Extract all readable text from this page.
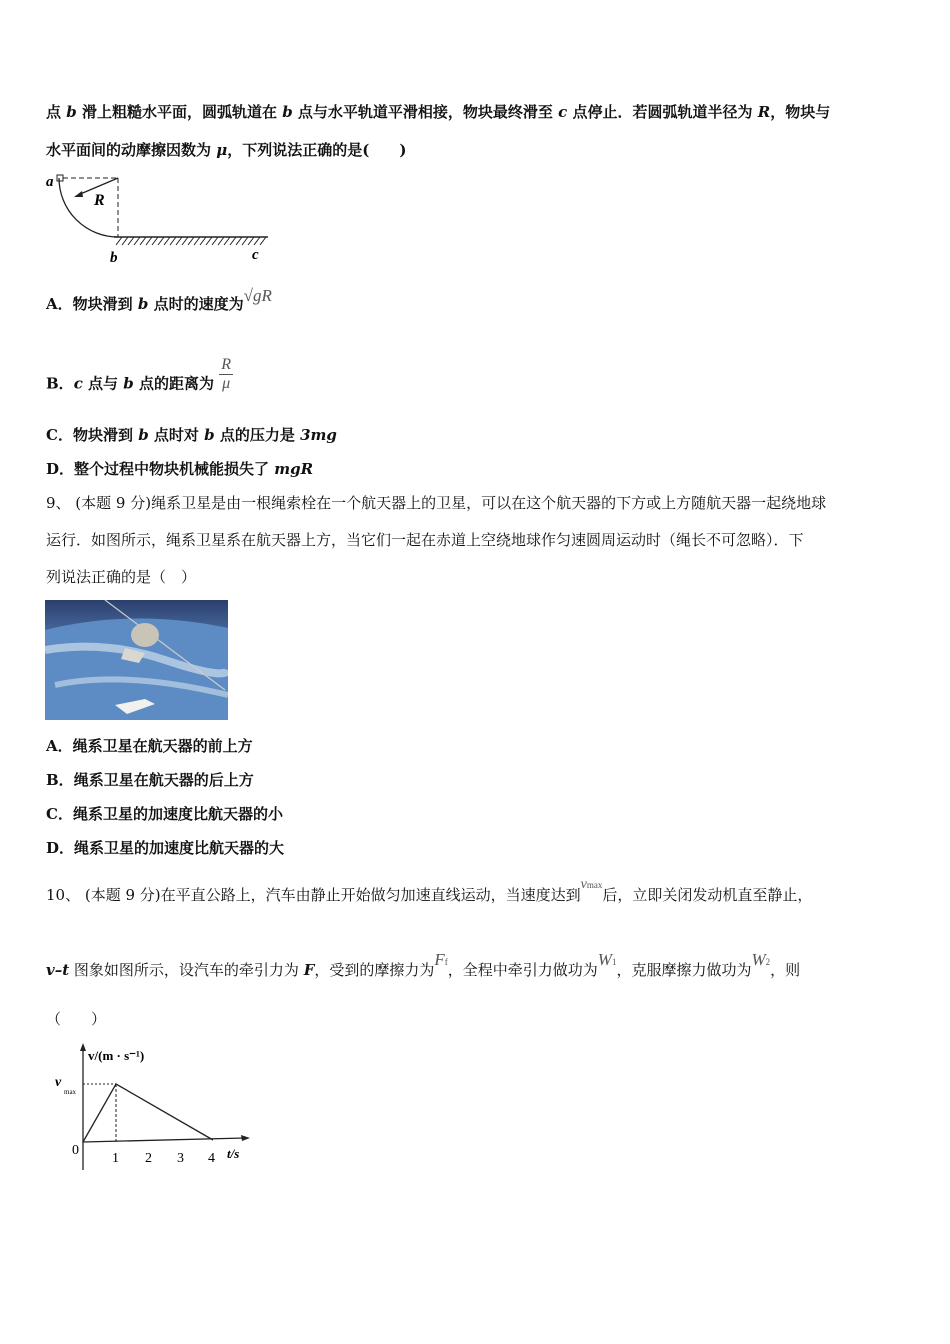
点 b 滑上粗糙水平面，圆弧轨道在 b 点与水平轨道平滑相接，物块最终滑至 c 点停止．若圆弧轨道半径为 R，物块与
水平面间的动摩擦因数为 μ，下列说法正确的是(　　)
a
R
b	c
A．物块滑到 b 点时的速度为√gR
B．c 点与 b 点的距离为 $\frac{R}{\mu}$
C．物块滑到 b 点时对 b 点的压力是 3mg
D．整个过程中物块机械能损失了 mgR
9、 (本题 9 分)绳系卫星是由一根绳索栓在一个航天器上的卫星，可以在这个航天器的下方或上方随航天器一起绕地球
运行．如图所示，绳系卫星系在航天器上方，当它们一起在赤道上空绕地球作匀速圆周运动时（绳长不可忽略）．下
列说法正确的是（　）
A．绳系卫星在航天器的前上方
B．绳系卫星在航天器的后上方
C．绳系卫星的加速度比航天器的小
D．绳系卫星的加速度比航天器的大
10、 (本题 9 分)在平直公路上，汽车由静止开始做匀加速直线运动，当速度达到vmax后，立即关闭发动机直至静止，
v–t 图象如图所示，设汽车的牵引力为 F，受到的摩擦力为Ff，全程中牵引力做功为W1，克服摩擦力做功为W2，则
（　　）
v/(m · s⁻¹)
v
max
0
1 2 3 4 t/s
